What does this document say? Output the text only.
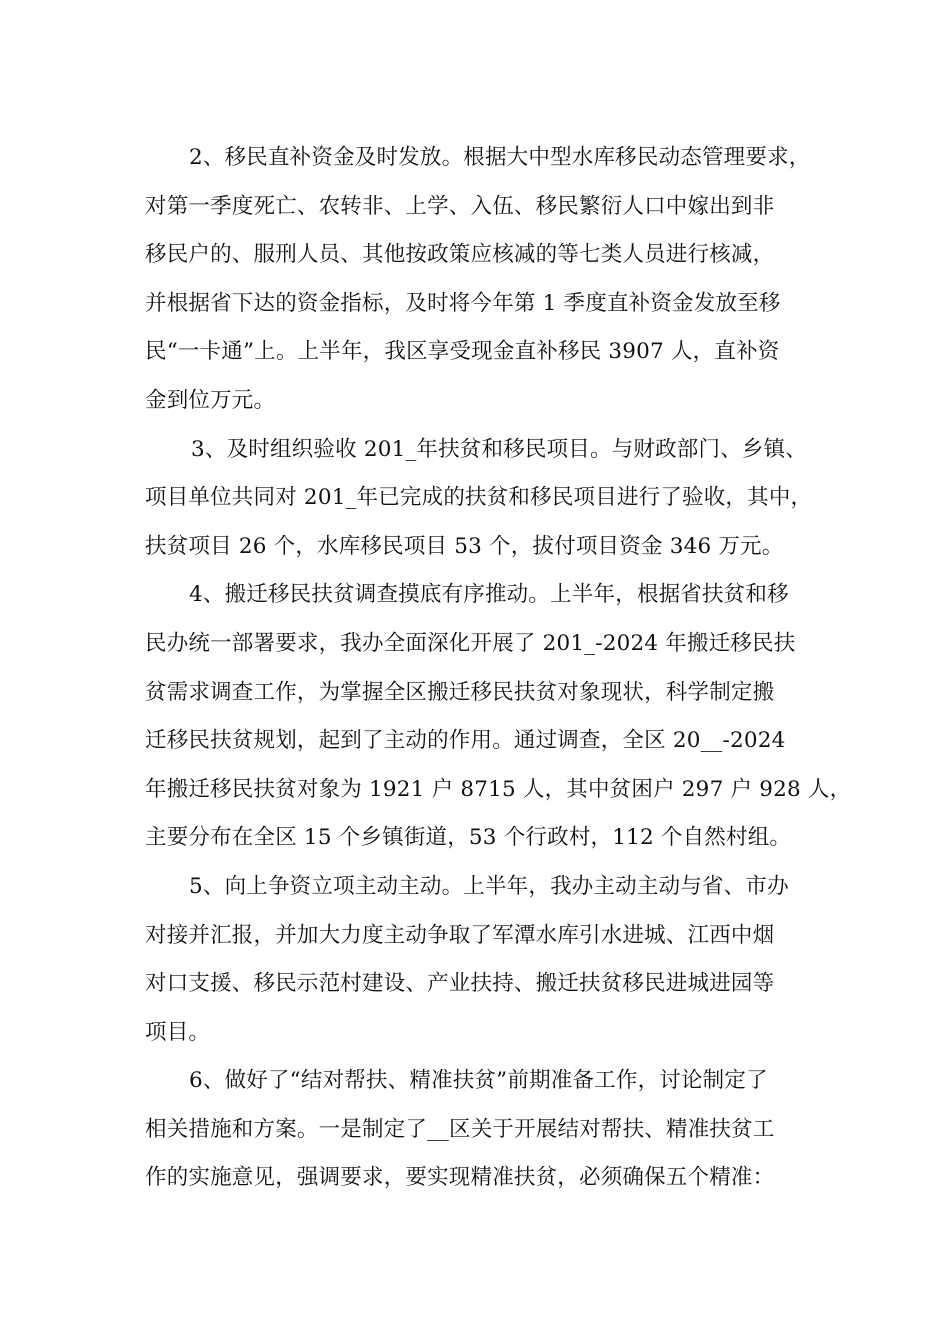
2、移民直补资金及时发放。根据大中型水库移民动态管理要求，
对第一季度死亡、农转非、上学、入伍、移民繁衍人口中嫁出到非
移民户的、服刑人员、其他按政策应核减的等七类人员进行核减，
并根据省下达的资金指标，及时将今年第 1 季度直补资金发放至移
民“一卡通”上。上半年，我区享受现金直补移民 3907 人，直补资
金到位万元。
3、及时组织验收 201_年扶贫和移民项目。与财政部门、乡镇、
项目单位共同对 201_年已完成的扶贫和移民项目进行了验收，其中，
扶贫项目 26 个，水库移民项目 53 个，拔付项目资金 346 万元。
4、搬迁移民扶贫调查摸底有序推动。上半年，根据省扶贫和移
民办统一部署要求，我办全面深化开展了 201_-2024 年搬迁移民扶
贫需求调查工作，为掌握全区搬迁移民扶贫对象现状，科学制定搬
迁移民扶贫规划，起到了主动的作用。通过调查，全区 20__-2024
年搬迁移民扶贫对象为 1921 户 8715 人，其中贫困户 297 户 928 人，
主要分布在全区 15 个乡镇街道，53 个行政村，112 个自然村组。
5、向上争资立项主动主动。上半年，我办主动主动与省、市办
对接并汇报，并加大力度主动争取了军潭水库引水进城、江西中烟
对口支援、移民示范村建设、产业扶持、搬迁扶贫移民进城进园等
项目。
6、做好了“结对帮扶、精准扶贫”前期准备工作，讨论制定了
相关措施和方案。一是制定了__区关于开展结对帮扶、精准扶贫工
作的实施意见，强调要求，要实现精准扶贫，必须确保五个精准：
